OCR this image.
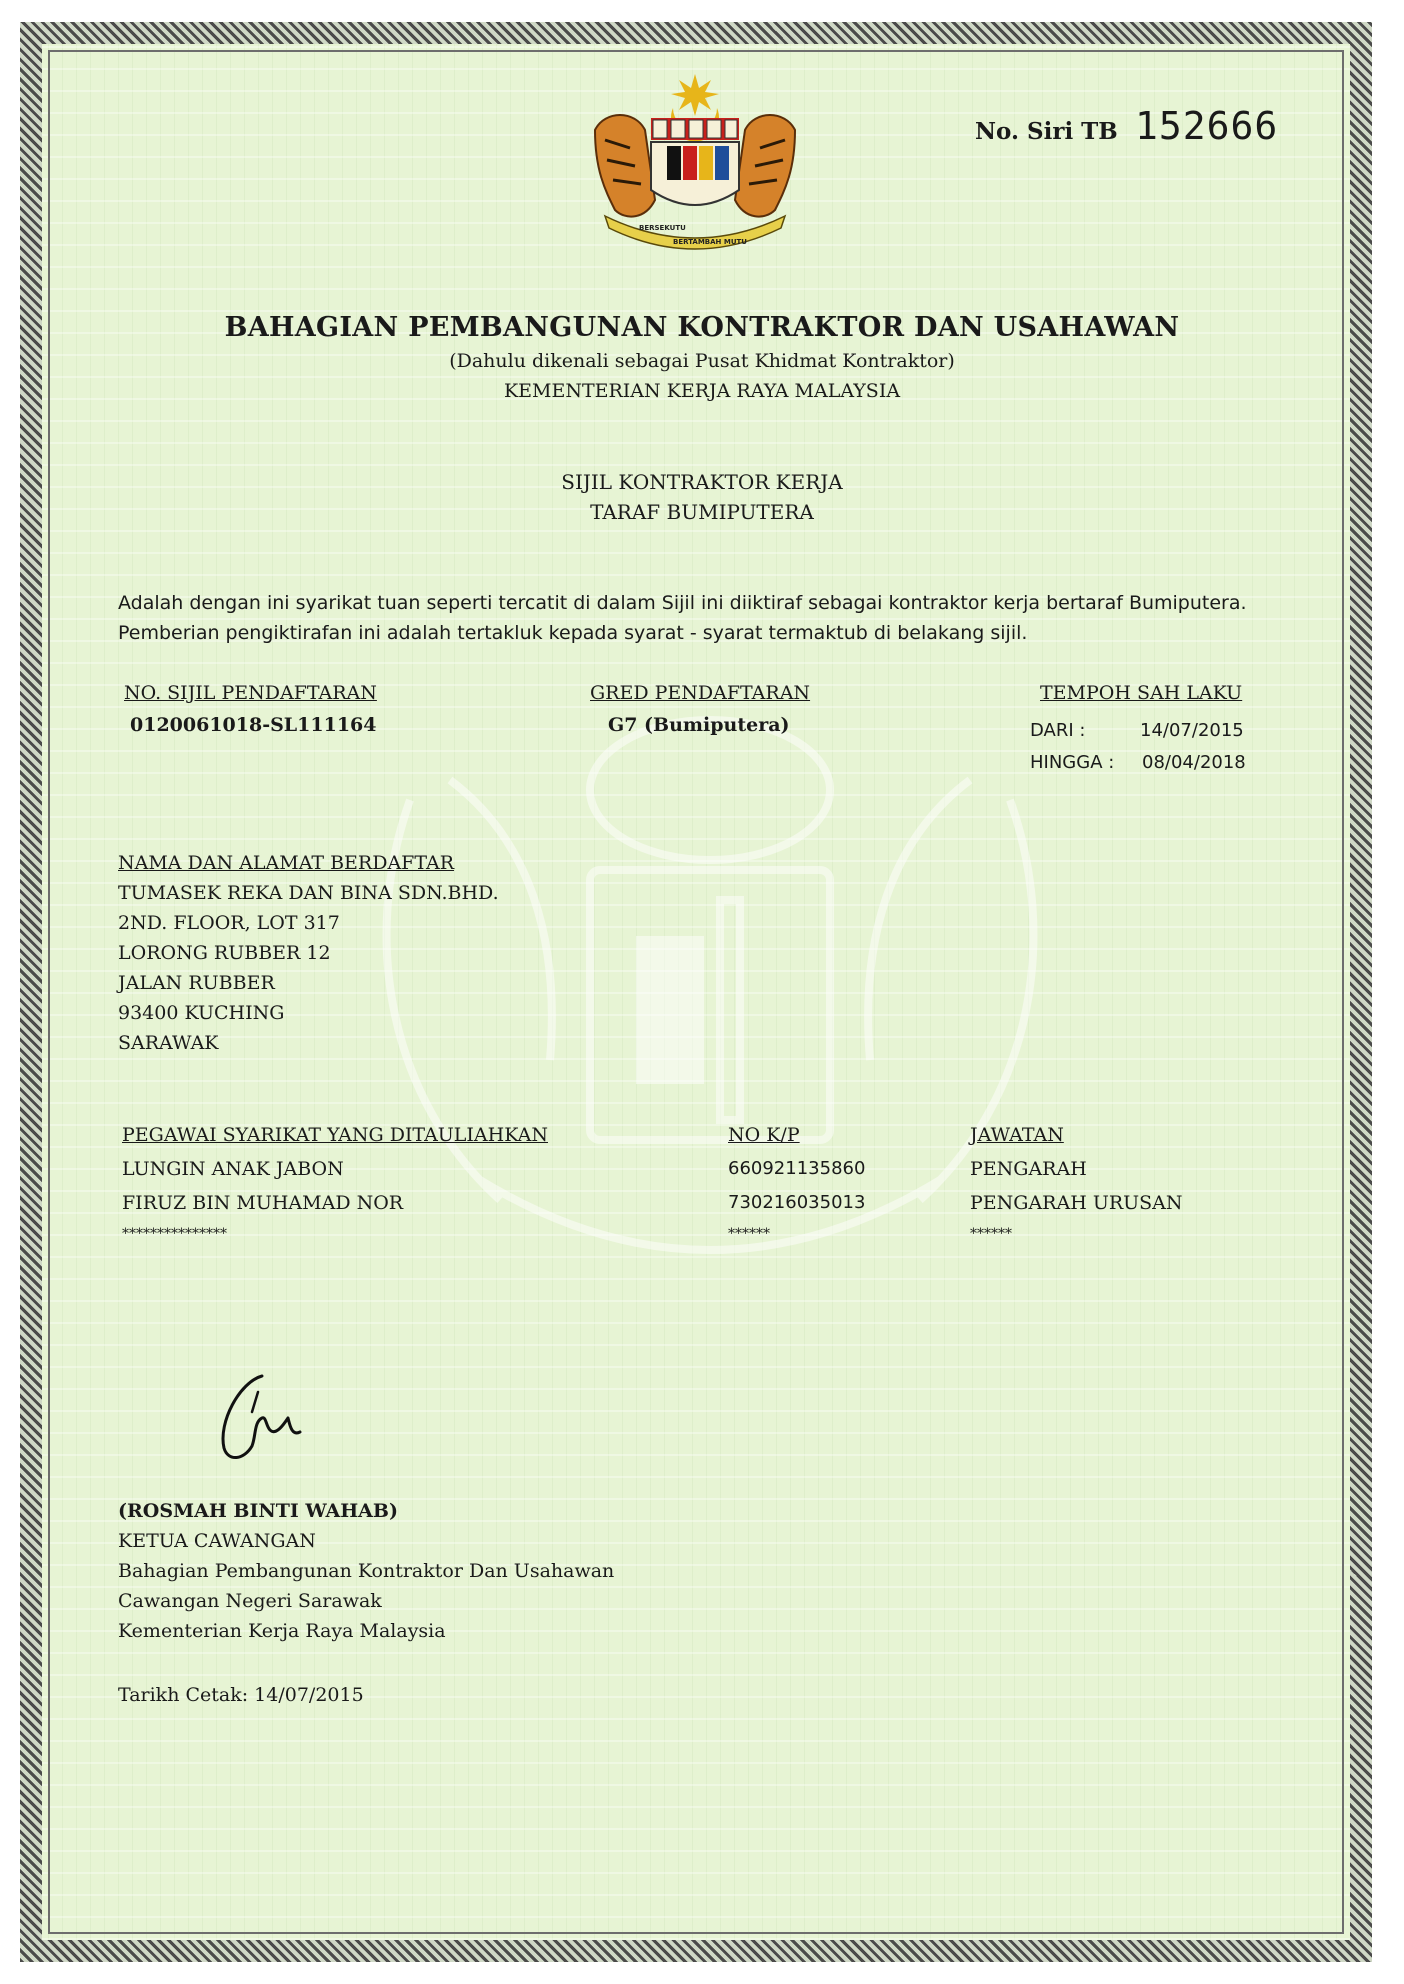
BERSEKUTU
BERTAMBAH MUTU
No. Siri TB 152666
BAHAGIAN PEMBANGUNAN KONTRAKTOR DAN USAHAWAN
(Dahulu dikenali sebagai Pusat Khidmat Kontraktor)
KEMENTERIAN KERJA RAYA MALAYSIA
SIJIL KONTRAKTOR KERJA
TARAF BUMIPUTERA
Adalah dengan ini syarikat tuan seperti tercatit di dalam Sijil ini diiktiraf sebagai kontraktor kerja bertaraf Bumiputera. Pemberian pengiktirafan ini adalah tertakluk kepada syarat - syarat termaktub di belakang sijil.
NO. SIJIL PENDAFTARAN
0120061018-SL111164
GRED PENDAFTARAN
G7 (Bumiputera)
TEMPOH SAH LAKU
DARI :	14/07/2015
HINGGA : 08/04/2018
NAMA DAN ALAMAT BERDAFTAR
TUMASEK REKA DAN BINA SDN.BHD.
2ND. FLOOR, LOT 317
LORONG RUBBER 12
JALAN RUBBER
93400 KUCHING
SARAWAK
PEGAWAI SYARIKAT YANG DITAULIAHKAN	NO K/P	JAWATAN
LUNGIN ANAK JABON	660921135860	PENGARAH
FIRUZ BIN MUHAMAD NOR	730216035013	PENGARAH URUSAN
***************	******	******
(ROSMAH BINTI WAHAB)
KETUA CAWANGAN
Bahagian Pembangunan Kontraktor Dan Usahawan
Cawangan Negeri Sarawak
Kementerian Kerja Raya Malaysia
Tarikh Cetak: 14/07/2015
